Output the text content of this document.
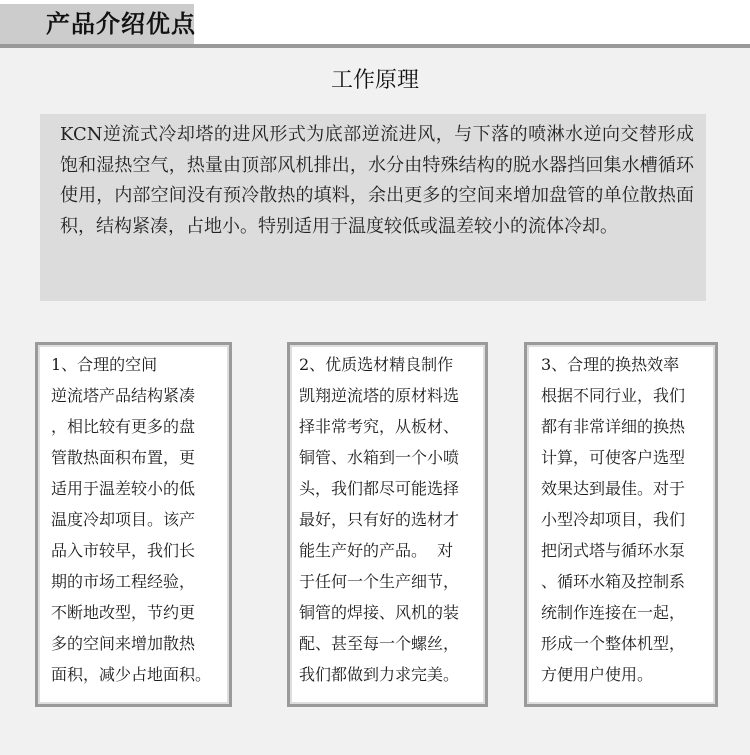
产品介绍优点
工作原理
KCN逆流式冷却塔的进风形式为底部逆流进风，与下落的喷淋水逆向交替形成饱和湿热空气，热量由顶部风机排出，水分由特殊结构的脱水器挡回集水槽循环使用，内部空间没有预冷散热的填料，余出更多的空间来增加盘管的单位散热面积，结构紧凑，占地小。特别适用于温度较低或温差较小的流体冷却。
1、合理的空间
逆流塔产品结构紧凑
，相比较有更多的盘
管散热面积布置，更
适用于温差较小的低
温度冷却项目。该产
品入市较早，我们长
期的市场工程经验，
不断地改型，节约更
多的空间来增加散热
面积，减少占地面积。
2、优质选材精良制作
凯翔逆流塔的原材料选
择非常考究，从板材、
铜管、水箱到一个小喷
头，我们都尽可能选择
最好，只有好的选材才
能生产好的产品。  对
于任何一个生产细节，
铜管的焊接、风机的装
配、甚至每一个螺丝，
我们都做到力求完美。
3、合理的换热效率
根据不同行业，我们
都有非常详细的换热
计算，可使客户选型
效果达到最佳。对于
小型冷却项目，我们
把闭式塔与循环水泵
、循环水箱及控制系
统制作连接在一起，
形成一个整体机型，
方便用户使用。
